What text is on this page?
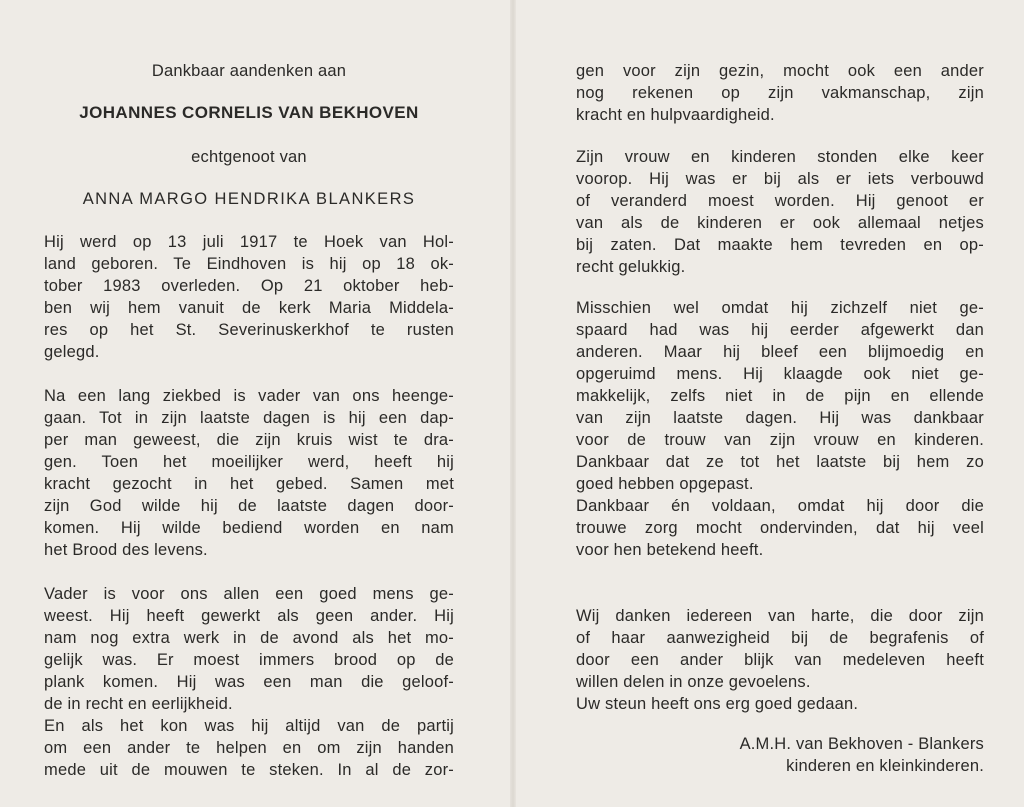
Dankbaar aandenken aan
JOHANNES CORNELIS VAN BEKHOVEN
echtgenoot van
ANNA MARGO HENDRIKA BLANKERS
Hij werd op 13 juli 1917 te Hoek van Hol-
land geboren. Te Eindhoven is hij op 18 ok-
tober 1983 overleden. Op 21 oktober heb-
ben wij hem vanuit de kerk Maria Middela-
res op het St. Severinuskerkhof te rusten
gelegd.
Na een lang ziekbed is vader van ons heenge-
gaan. Tot in zijn laatste dagen is hij een dap-
per man geweest, die zijn kruis wist te dra-
gen. Toen het moeilijker werd, heeft hij
kracht gezocht in het gebed. Samen met
zijn God wilde hij de laatste dagen door-
komen. Hij wilde bediend worden en nam
het Brood des levens.
Vader is voor ons allen een goed mens ge-
weest. Hij heeft gewerkt als geen ander. Hij
nam nog extra werk in de avond als het mo-
gelijk was. Er moest immers brood op de
plank komen. Hij was een man die geloof-
de in recht en eerlijkheid.
En als het kon was hij altijd van de partij
om een ander te helpen en om zijn handen
mede uit de mouwen te steken. In al de zor-
gen voor zijn gezin, mocht ook een ander
nog rekenen op zijn vakmanschap, zijn
kracht en hulpvaardigheid.
Zijn vrouw en kinderen stonden elke keer
voorop. Hij was er bij als er iets verbouwd
of veranderd moest worden. Hij genoot er
van als de kinderen er ook allemaal netjes
bij zaten. Dat maakte hem tevreden en op-
recht gelukkig.
Misschien wel omdat hij zichzelf niet ge-
spaard had was hij eerder afgewerkt dan
anderen. Maar hij bleef een blijmoedig en
opgeruimd mens. Hij klaagde ook niet ge-
makkelijk, zelfs niet in de pijn en ellende
van zijn laatste dagen. Hij was dankbaar
voor de trouw van zijn vrouw en kinderen.
Dankbaar dat ze tot het laatste bij hem zo
goed hebben opgepast.
Dankbaar én voldaan, omdat hij door die
trouwe zorg mocht ondervinden, dat hij veel
voor hen betekend heeft.
Wij danken iedereen van harte, die door zijn
of haar aanwezigheid bij de begrafenis of
door een ander blijk van medeleven heeft
willen delen in onze gevoelens.
Uw steun heeft ons erg goed gedaan.
A.M.H. van Bekhoven - Blankers
kinderen en kleinkinderen.
